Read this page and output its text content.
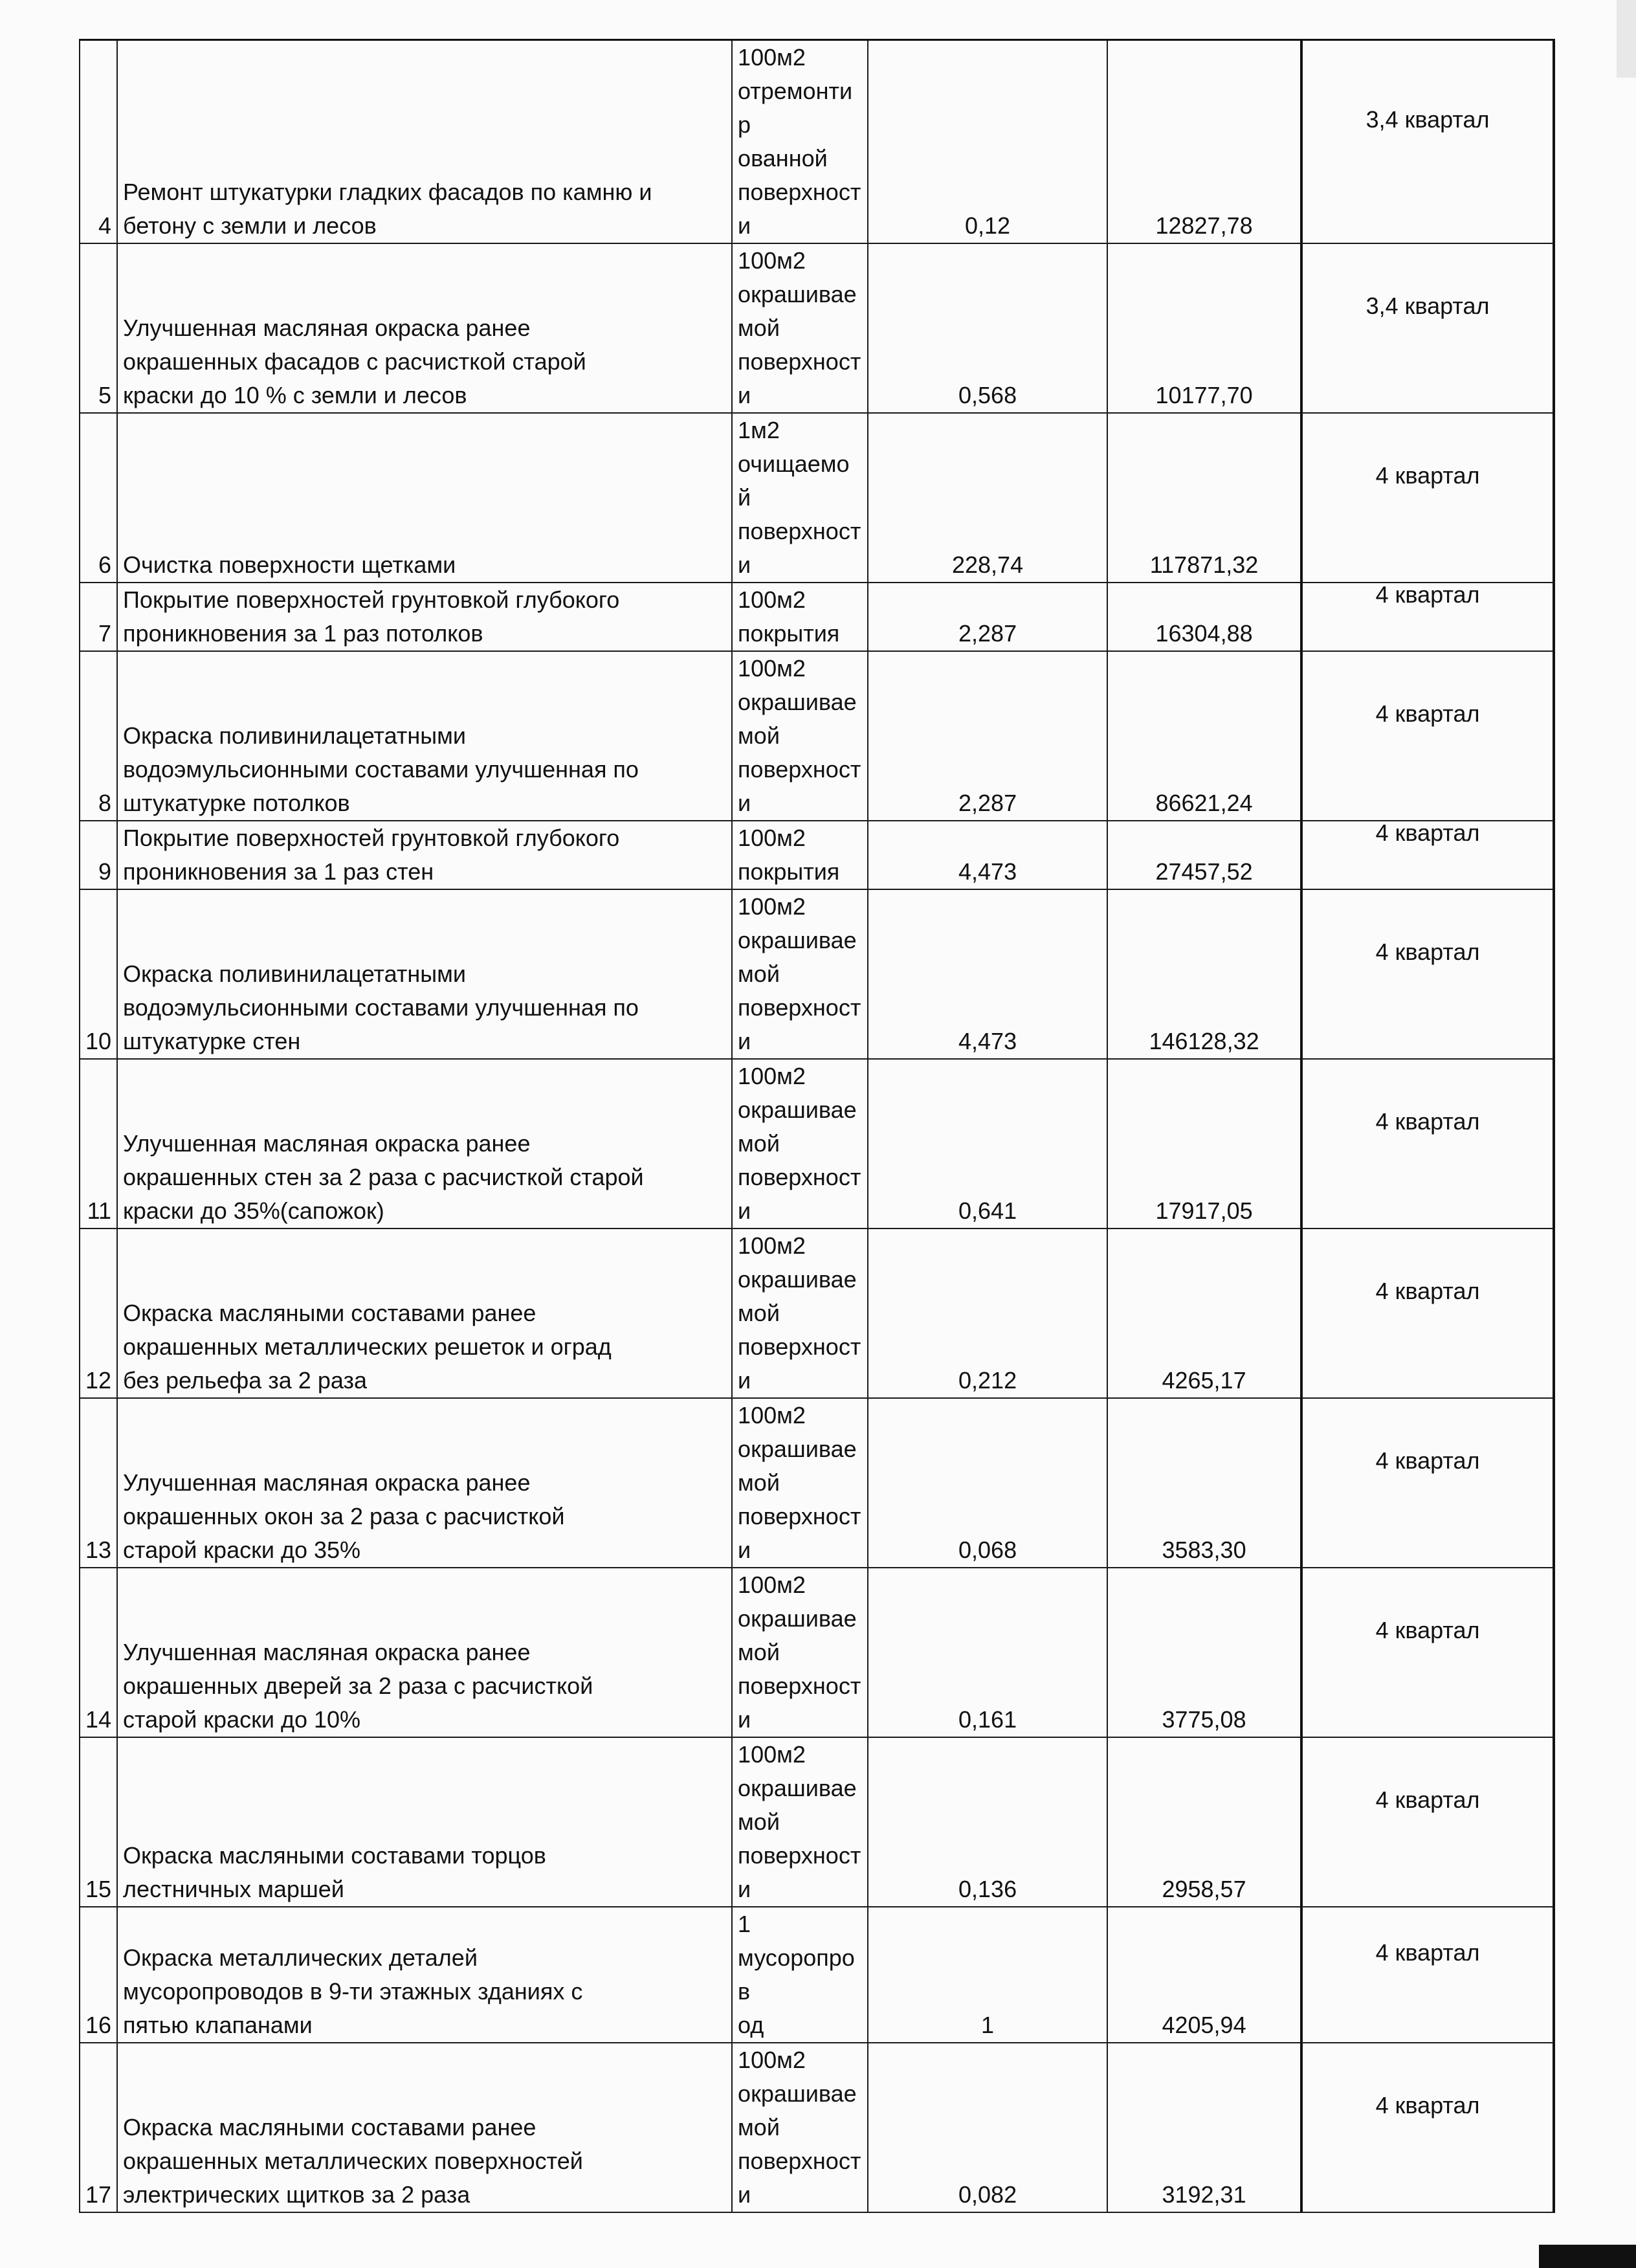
4	Ремонт штукатурки гладких фасадов по камню и
бетону с земли и лесов	100м2
отремонтир
ованной
поверхност
и	0,12	12827,78	3,4 квартал

5	Улучшенная масляная окраска ранее
окрашенных фасадов с расчисткой старой
краски до 10 % с земли и лесов	100м2
окрашивае
мой
поверхност
и	0,568	10177,70	3,4 квартал

6	Очистка поверхности щетками	1м2
очищаемой
поверхност
и	228,74	117871,32	4 квартал

7	Покрытие поверхностей грунтовкой глубокого
проникновения за 1 раз потолков	100м2
покрытия	2,287	16304,88	4 квартал

8	Окраска поливинилацетатными
водоэмульсионными составами улучшенная по
штукатурке потолков	100м2
окрашивае
мой
поверхност
и	2,287	86621,24	4 квартал

9	Покрытие поверхностей грунтовкой глубокого
проникновения за 1 раз стен	100м2
покрытия	4,473	27457,52	4 квартал

10	Окраска поливинилацетатными
водоэмульсионными составами улучшенная по
штукатурке стен	100м2
окрашивае
мой
поверхност
и	4,473	146128,32	4 квартал

11	Улучшенная масляная окраска ранее
окрашенных стен за 2 раза с расчисткой старой
краски до 35%(сапожок)	100м2
окрашивае
мой
поверхност
и	0,641	17917,05	4 квартал

12	Окраска масляными составами ранее
окрашенных металлических решеток и оград
без рельефа за 2 раза	100м2
окрашивае
мой
поверхност
и	0,212	4265,17	4 квартал

13	Улучшенная масляная окраска ранее
окрашенных окон за 2 раза с расчисткой
старой краски до 35%	100м2
окрашивае
мой
поверхност
и	0,068	3583,30	4 квартал

14	Улучшенная масляная окраска ранее
окрашенных дверей за 2 раза с расчисткой
старой краски до 10%	100м2
окрашивае
мой
поверхност
и	0,161	3775,08	4 квартал

15	Окраска масляными составами торцов
лестничных маршей	100м2
окрашивае
мой
поверхност
и	0,136	2958,57	4 квартал

16	Окраска металлических деталей
мусоропроводов в 9-ти этажных зданиях с
пятью клапанами	1
мусоропров
од	1	4205,94	4 квартал

17	Окраска масляными составами ранее
окрашенных металлических поверхностей
электрических щитков за 2 раза	100м2
окрашивае
мой
поверхност
и	0,082	3192,31	4 квартал
